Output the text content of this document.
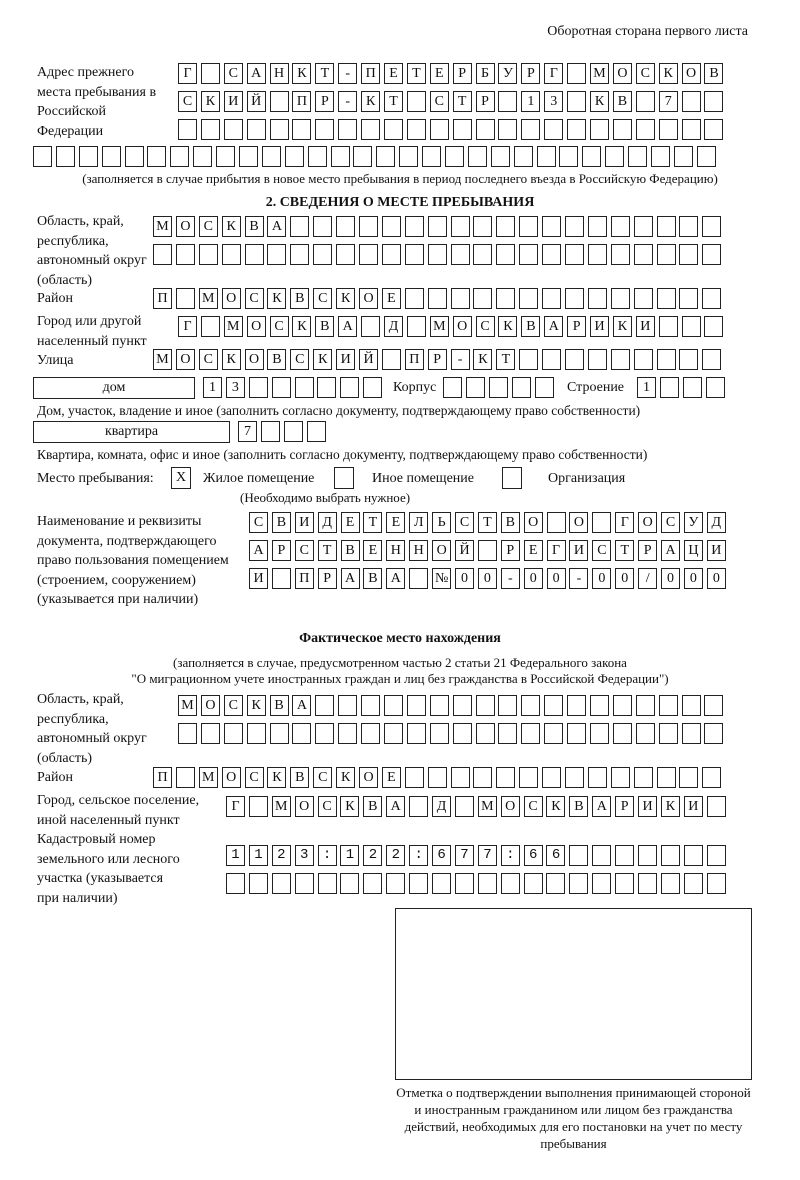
Оборотная сторана первого листа
Адрес прежнего места пребывания в Российской Федерации
Г	С А Н К Т	-	П Е	Т	Е	Р	Б У	Р	Г	М О С К О В
С К И Й	П Р	-	К Т	С Т	Р	1	3	К В	7
(заполняется в случае прибытия в новое место пребывания в период последнего въезда в Российскую Федерацию)
2. СВЕДЕНИЯ О МЕСТЕ ПРЕБЫВАНИЯ
Область, край, республика, автономный округ (область)
М О С К В А
Район	П	М О С К В С К О Е
Город или другой населенный пункт
Г	М О С К В А	Д	М О С К В А Р И К И
Улица	М О С К О В С К И Й	П Р	-	К Т
дом	1	3	Корпус	Строение	1
Дом, участок, владение и иное (заполнить согласно документу, подтверждающему право собственности)
квартира	7
Квартира, комната, офис и иное (заполнить согласно документу, подтверждающему право собственности)
Место пребывания:	X	Жилое помещение	Иное помещение	Организация
(Необходимо выбрать нужное)
Наименование и реквизиты документа, подтверждающего право пользования помещением (строением, сооружением) (указывается при наличии)
С В И Д Е	Т	Е Л	Ь	С Т В О	О	Г О С У Д
А Р	С Т В Е Н Н О Й	Р	Е	Г И С Т	Р А Ц И
И	П Р А В А	№ 0	0	-	0	0	-	0	0	/	0	0	0
Фактическое место нахождения
(заполняется в случае, предусмотренном частью 2 статьи 21 Федерального закона
"О миграционном учете иностранных граждан и лиц без гражданства в Российской Федерации")
Область, край, республика, автономный округ (область)
М О С К В А
Район	П	М О С К В С К О Е
Город, сельское поселение, иной населенный пункт
Г	М О С К В А	Д	М О С К В А Р И К И
Кадастровый номер земельного или лесного участка (указывается при наличии)
1123:122:677:66
Отметка о подтверждении выполнения принимающей стороной и иностранным гражданином или лицом без гражданства действий, необходимых для его постановки на учет по месту пребывания
